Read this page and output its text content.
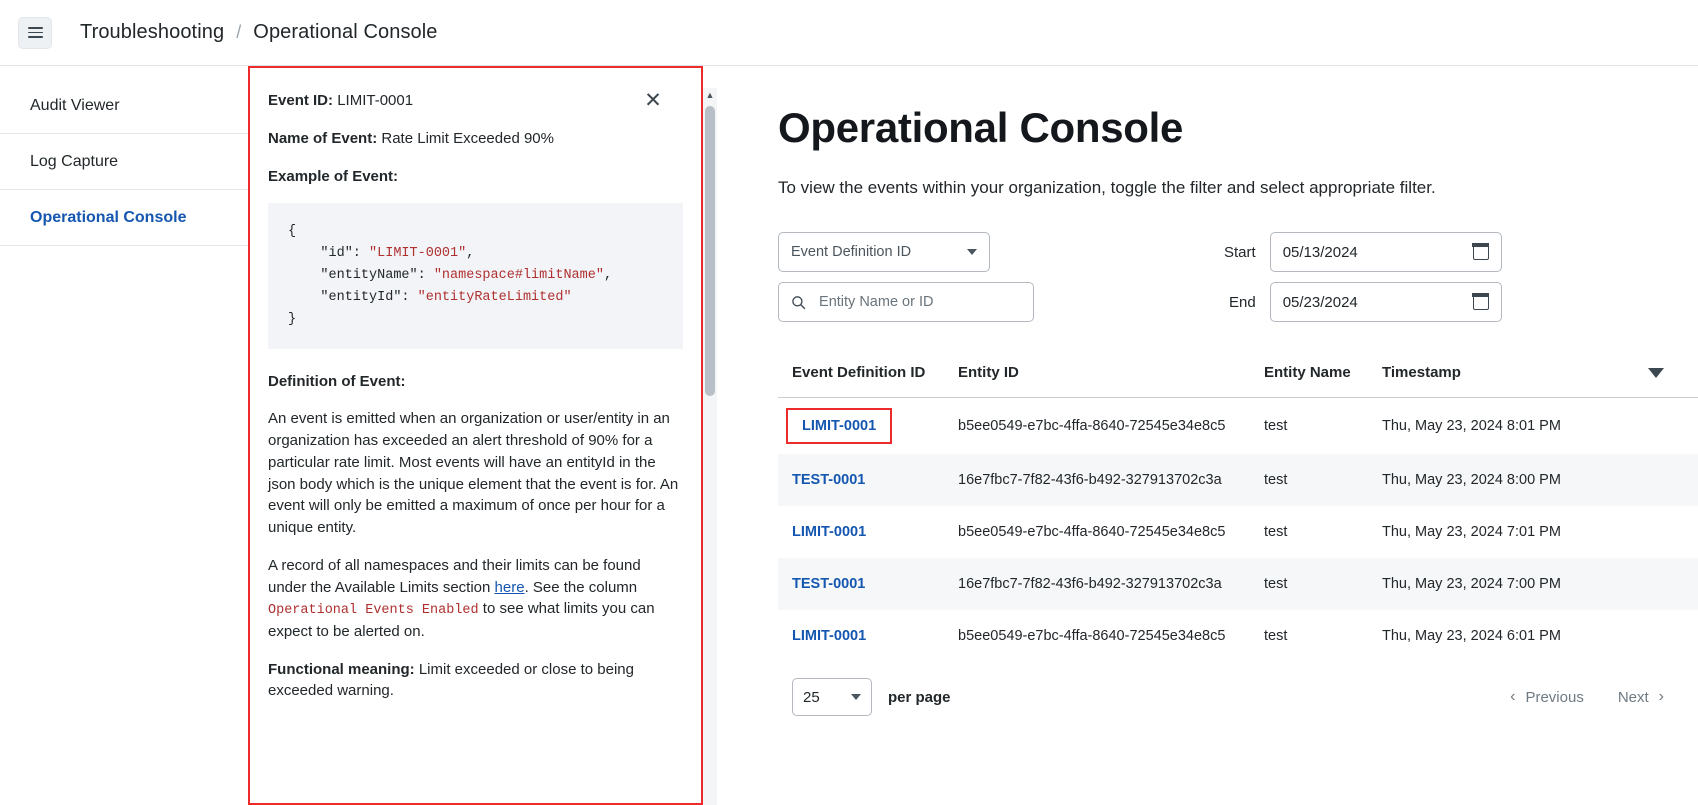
Troubleshooting / Operational Console
Audit Viewer
Log Capture
Operational Console
✕

Event ID: LIMIT-0001

Name of Event: Rate Limit Exceeded 90%

Example of Event:

{
"id": "LIMIT-0001",
"entityName": "namespace#limitName",
"entityId": "entityRateLimited"
}

Definition of Event:

An event is emitted when an organization or user/entity in an organization has exceeded an alert threshold of 90% for a particular rate limit. Most events will have an entityId in the json body which is the unique element that the event is for. An event will only be emitted a maximum of once per hour for a unique entity.

A record of all namespaces and their limits can be found under the Available Limits section here. See the column Operational Events Enabled to see what limits you can expect to be alerted on.

Functional meaning: Limit exceeded or close to being exceeded warning.

▲
Operational Console

To view the events within your organization, toggle the filter and select appropriate filter.

Event Definition ID
Entity Name or ID	Start 05/13/2024
End 05/23/2024
Event Definition ID	Entity ID	Entity Name	Timestamp

LIMIT-0001	b5ee0549-e7bc-4ffa-8640-72545e34e8c5	test	Thu, May 23, 2024 8:01 PM
TEST-0001	16e7fbc7-7f82-43f6-b492-327913702c3a	test	Thu, May 23, 2024 8:00 PM
LIMIT-0001	b5ee0549-e7bc-4ffa-8640-72545e34e8c5	test	Thu, May 23, 2024 7:01 PM
TEST-0001	16e7fbc7-7f82-43f6-b492-327913702c3a	test	Thu, May 23, 2024 7:00 PM
LIMIT-0001	b5ee0549-e7bc-4ffa-8640-72545e34e8c5	test	Thu, May 23, 2024 6:01 PM
25	per page	‹ Previous Next ›
